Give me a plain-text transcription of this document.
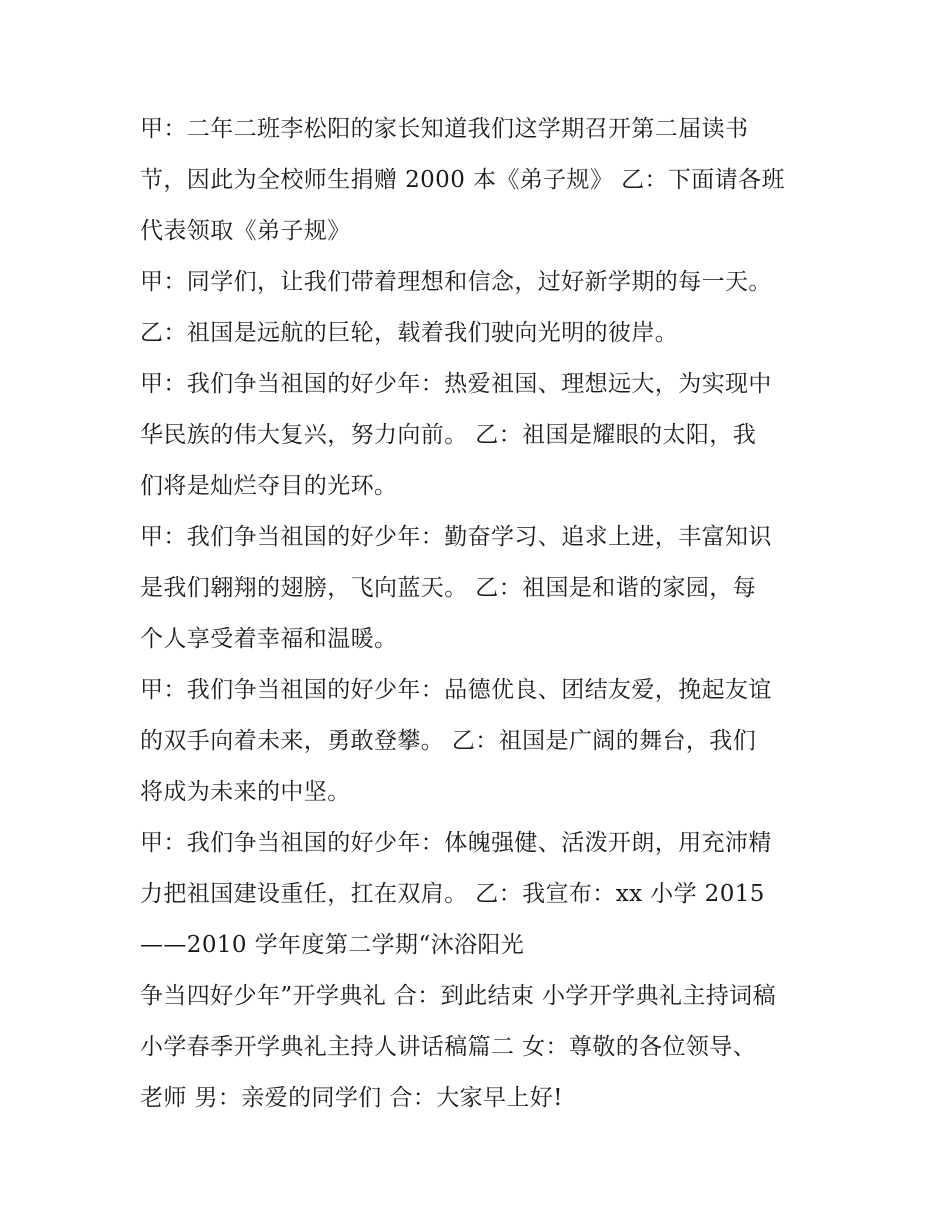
甲：二年二班李松阳的家长知道我们这学期召开第二届读书
节，因此为全校师生捐赠 2000 本《弟子规》 乙：下面请各班
代表领取《弟子规》
甲：同学们，让我们带着理想和信念，过好新学期的每一天。
乙：祖国是远航的巨轮，载着我们驶向光明的彼岸。
甲：我们争当祖国的好少年：热爱祖国、理想远大，为实现中
华民族的伟大复兴，努力向前。 乙：祖国是耀眼的太阳，我
们将是灿烂夺目的光环。
甲：我们争当祖国的好少年：勤奋学习、追求上进，丰富知识
是我们翱翔的翅膀，飞向蓝天。 乙：祖国是和谐的家园，每
个人享受着幸福和温暖。
甲：我们争当祖国的好少年：品德优良、团结友爱，挽起友谊
的双手向着未来，勇敢登攀。 乙：祖国是广阔的舞台，我们
将成为未来的中坚。
甲：我们争当祖国的好少年：体魄强健、活泼开朗，用充沛精
力把祖国建设重任，扛在双肩。 乙：我宣布：xx 小学 2015
——2010 学年度第二学期“沐浴阳光
争当四好少年”开学典礼 合：到此结束 小学开学典礼主持词稿
小学春季开学典礼主持人讲话稿篇二 女：尊敬的各位领导、
老师 男：亲爱的同学们 合：大家早上好!
